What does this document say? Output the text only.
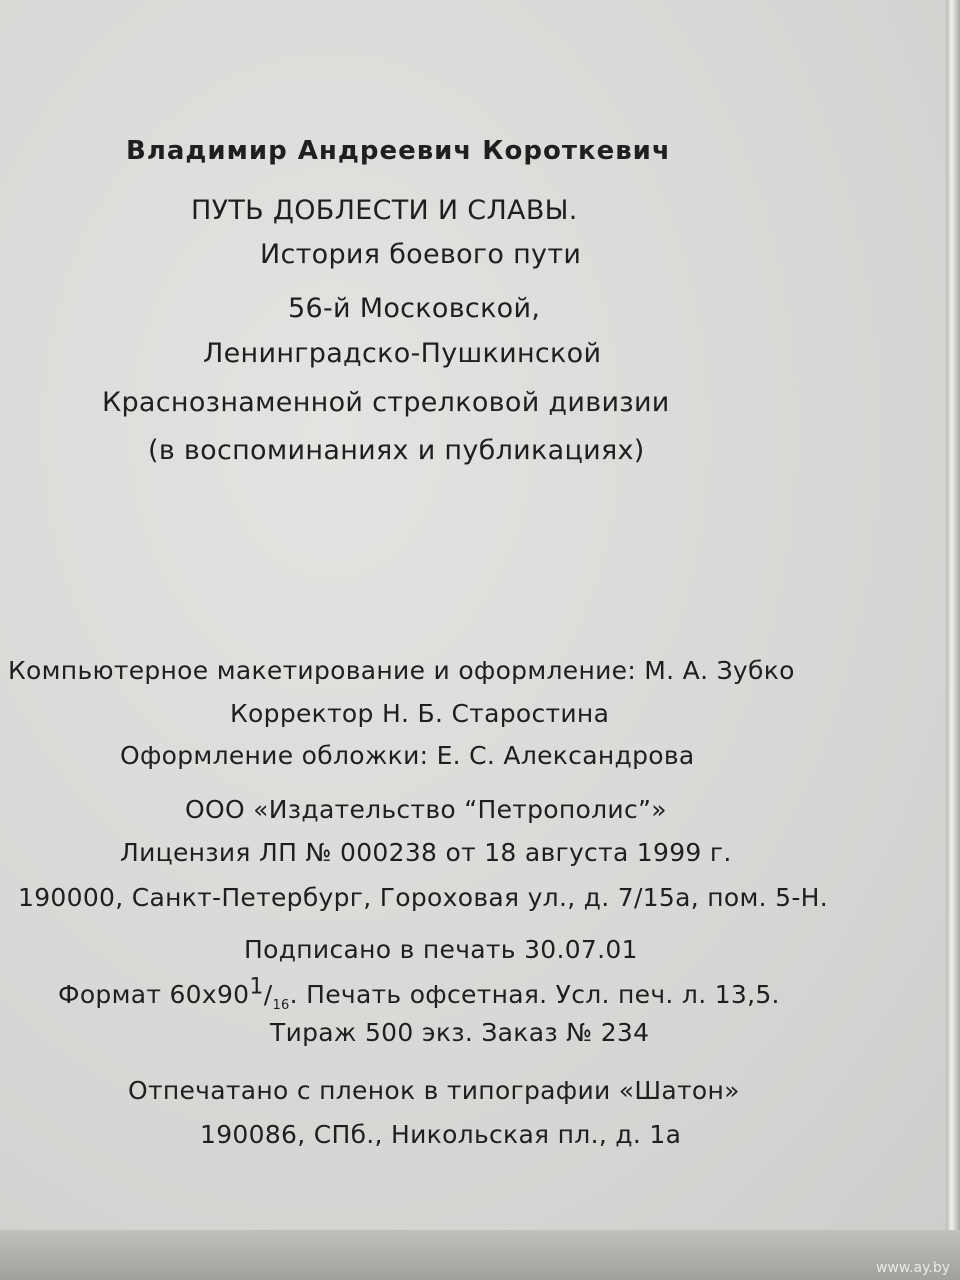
Владимир Андреевич Короткевич
ПУТЬ ДОБЛЕСТИ И СЛАВЫ.
История боевого пути
56-й Московской,
Ленинградско-Пушкинской
Краснознаменной стрелковой дивизии
(в воспоминаниях и публикациях)
Компьютерное макетирование и оформление: М. А. Зубко
Корректор Н. Б. Старостина
Оформление обложки: Е. С. Александрова
ООО «Издательство “Петрополис”»
Лицензия ЛП № 000238 от 18 августа 1999 г.
190000, Санкт-Петербург, Гороховая ул., д. 7/15а, пом. 5-Н.
Подписано в печать 30.07.01
Формат $60х901/_{16}$. Печать офсетная. Усл. печ. л. 13,5.
Тираж 500 экз. Заказ № 234
Отпечатано с пленок в типографии «Шатон»
190086, СПб., Никольская пл., д. 1а
www.ay.by
